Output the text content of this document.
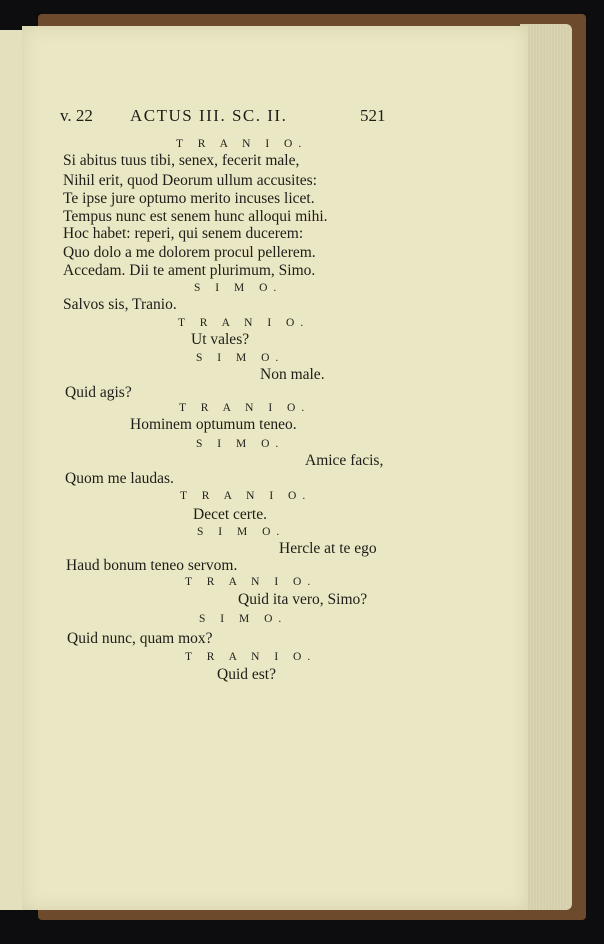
v. 22 ACTUS III. SC. II.	521
T R A N I O.
Si abitus tuus tibi, senex, fecerit male,
Nihil erit, quod Deorum ullum accusites:
Te ipse jure optumo merito incuses licet.
Tempus nunc est senem hunc alloqui mihi.
Hoc habet: reperi, qui senem ducerem:
Quo dolo a me dolorem procul pellerem.
Accedam. Dii te ament plurimum, Simo.
S I M O.
Salvos sis, Tranio.
T R A N I O.
Ut vales?
S I M O.
Non male.
Quid agis?
T R A N I O.
Hominem optumum teneo.
S I M O.
Amice facis,
Quom me laudas.
T R A N I O.
Decet certe.
S I M O.
Hercle at te ego
Haud bonum teneo servom.
T R A N I O.
Quid ita vero, Simo?
S I M O.
Quid nunc, quam mox?
T R A N I O.
Quid est?
